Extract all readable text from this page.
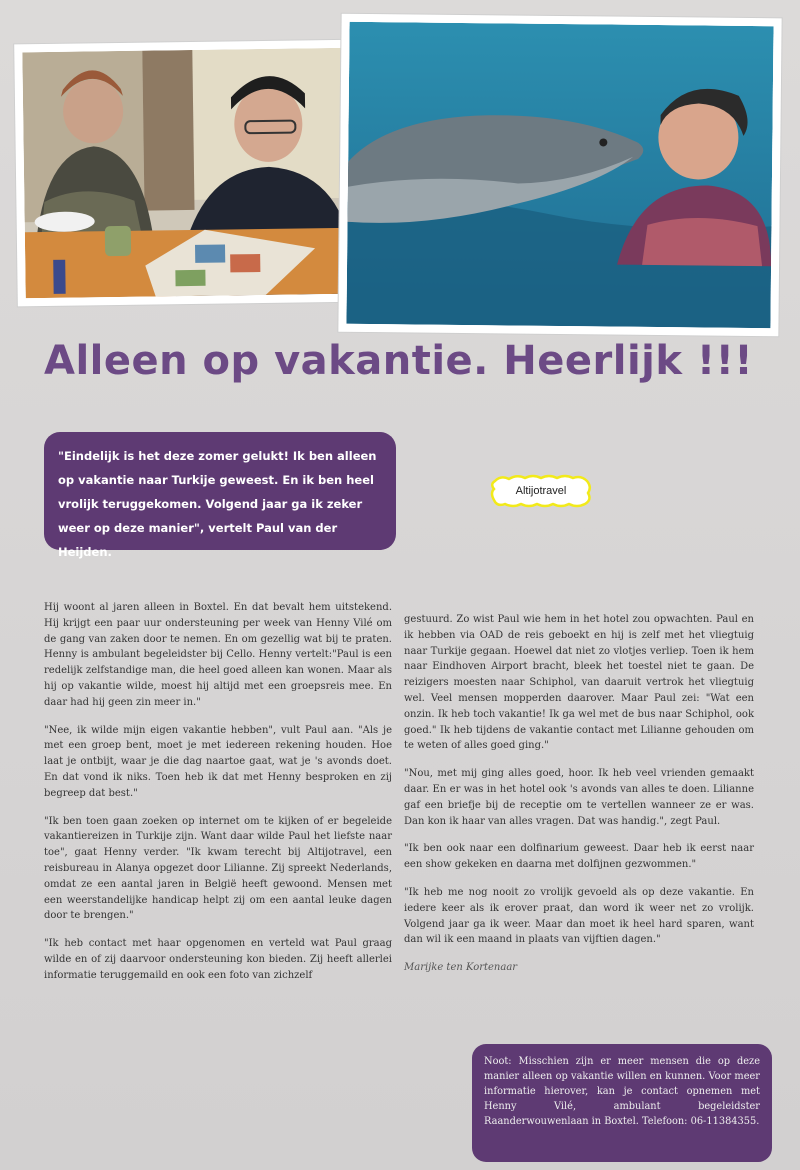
Alleen op vakantie. Heerlijk !!!
"Eindelijk is het deze zomer gelukt! Ik ben alleen op vakantie naar Turkije geweest. En ik ben heel vrolijk teruggekomen. Volgend jaar ga ik zeker weer op deze manier", vertelt Paul van der Heijden.
Altijotravel

Hij woont al jaren alleen in Boxtel. En dat bevalt hem uitstekend. Hij krijgt een paar uur ondersteuning per week van Henny Vilé om de gang van zaken door te nemen. En om gezellig wat bij te praten. Henny is ambulant begeleidster bij Cello. Henny vertelt:"Paul is een redelijk zelfstandige man, die heel goed alleen kan wonen. Maar als hij op vakantie wilde, moest hij altijd met een groepsreis mee. En daar had hij geen zin meer in."

"Nee, ik wilde mijn eigen vakantie hebben", vult Paul aan. "Als je met een groep bent, moet je met iedereen rekening houden. Hoe laat je ontbijt, waar je die dag naartoe gaat, wat je 's avonds doet. En dat vond ik niks. Toen heb ik dat met Henny besproken en zij begreep dat best."

"Ik ben toen gaan zoeken op internet om te kijken of er begeleide vakantiereizen in Turkije zijn. Want daar wilde Paul het liefste naar toe", gaat Henny verder. "Ik kwam terecht bij Altijotravel, een reisbureau in Alanya opgezet door Lilianne. Zij spreekt Nederlands, omdat ze een aantal jaren in België heeft gewoond. Mensen met een weerstandelijke handicap helpt zij om een aantal leuke dagen door te brengen."

"Ik heb contact met haar opgenomen en verteld wat Paul graag wilde en of zij daarvoor ondersteuning kon bieden. Zij heeft allerlei informatie teruggemaild en ook een foto van zichzelf

gestuurd. Zo wist Paul wie hem in het hotel zou opwachten. Paul en ik hebben via OAD de reis geboekt en hij is zelf met het vliegtuig naar Turkije gegaan. Hoewel dat niet zo vlotjes verliep. Toen ik hem naar Eindhoven Airport bracht, bleek het toestel niet te gaan. De reizigers moesten naar Schiphol, van daaruit vertrok het vliegtuig wel. Veel mensen mopperden daarover. Maar Paul zei: "Wat een onzin. Ik heb toch vakantie! Ik ga wel met de bus naar Schiphol, ook goed." Ik heb tijdens de vakantie contact met Lilianne gehouden om te weten of alles goed ging."

"Nou, met mij ging alles goed, hoor. Ik heb veel vrienden gemaakt daar. En er was in het hotel ook 's avonds van alles te doen. Lilianne gaf een briefje bij de receptie om te vertellen wanneer ze er was. Dan kon ik haar van alles vragen. Dat was handig.", zegt Paul.

"Ik ben ook naar een dolfinarium geweest. Daar heb ik eerst naar een show gekeken en daarna met dolfijnen gezwommen."

"Ik heb me nog nooit zo vrolijk gevoeld als op deze vakantie. En iedere keer als ik erover praat, dan word ik weer net zo vrolijk. Volgend jaar ga ik weer. Maar dan moet ik heel hard sparen, want dan wil ik een maand in plaats van vijftien dagen."

Marijke ten Kortenaar
Noot: Misschien zijn er meer mensen die op deze manier alleen op vakantie willen en kunnen. Voor meer informatie hierover, kan je contact opnemen met Henny Vilé, ambulant begeleidster Raanderwouwenlaan in Boxtel. Telefoon: 06-11384355.
